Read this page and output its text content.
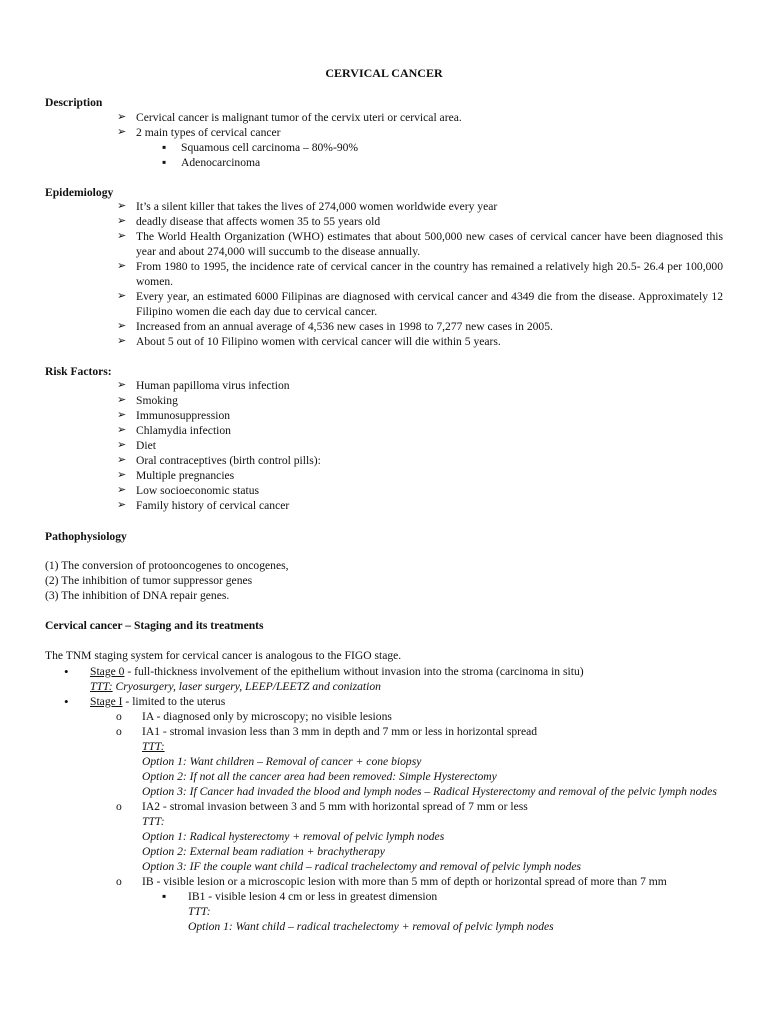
CERVICAL CANCER
Description
➢ Cervical cancer is malignant tumor of the cervix uteri or cervical area.
➢ 2 main types of cervical cancer
▪ Squamous cell carcinoma – 80%-90%
▪ Adenocarcinoma
Epidemiology
➢ It’s a silent killer that takes the lives of 274,000 women worldwide every year
➢ deadly disease that affects women 35 to 55 years old
➢ The World Health Organization (WHO) estimates that about 500,000 new cases of cervical cancer have been diagnosed this year and about 274,000 will succumb to the disease annually.
➢ From 1980 to 1995, the incidence rate of cervical cancer in the country has remained a relatively high 20.5- 26.4 per 100,000 women.
➢ Every year, an estimated 6000 Filipinas are diagnosed with cervical cancer and 4349 die from the disease. Approximately 12 Filipino women die each day due to cervical cancer.
➢ Increased from an annual average of 4,536 new cases in 1998 to 7,277 new cases in 2005.
➢ About 5 out of 10 Filipino women with cervical cancer will die within 5 years.
Risk Factors:
➢ Human papilloma virus infection
➢ Smoking
➢ Immunosuppression
➢ Chlamydia infection
➢ Diet
➢ Oral contraceptives (birth control pills):
➢ Multiple pregnancies
➢ Low socioeconomic status
➢ Family history of cervical cancer
Pathophysiology
(1) The conversion of protooncogenes to oncogenes,
(2) The inhibition of tumor suppressor genes
(3) The inhibition of DNA repair genes.
Cervical cancer – Staging and its treatments
The TNM staging system for cervical cancer is analogous to the FIGO stage.
• Stage 0 - full-thickness involvement of the epithelium without invasion into the stroma (carcinoma in situ)
TTT: Cryosurgery, laser surgery, LEEP/LEETZ and conization
• Stage I - limited to the uterus
o IA - diagnosed only by microscopy; no visible lesions
o IA1 - stromal invasion less than 3 mm in depth and 7 mm or less in horizontal spread
TTT:
Option 1: Want children – Removal of cancer + cone biopsy
Option 2: If not all the cancer area had been removed: Simple Hysterectomy
Option 3: If Cancer had invaded the blood and lymph nodes – Radical Hysterectomy and removal of the pelvic lymph nodes
o IA2 - stromal invasion between 3 and 5 mm with horizontal spread of 7 mm or less
TTT:
Option 1: Radical hysterectomy + removal of pelvic lymph nodes
Option 2: External beam radiation + brachytherapy
Option 3: IF the couple want child – radical trachelectomy and removal of pelvic lymph nodes
o IB - visible lesion or a microscopic lesion with more than 5 mm of depth or horizontal spread of more than 7 mm
▪ IB1 - visible lesion 4 cm or less in greatest dimension
TTT:
Option 1: Want child – radical trachelectomy + removal of pelvic lymph nodes
